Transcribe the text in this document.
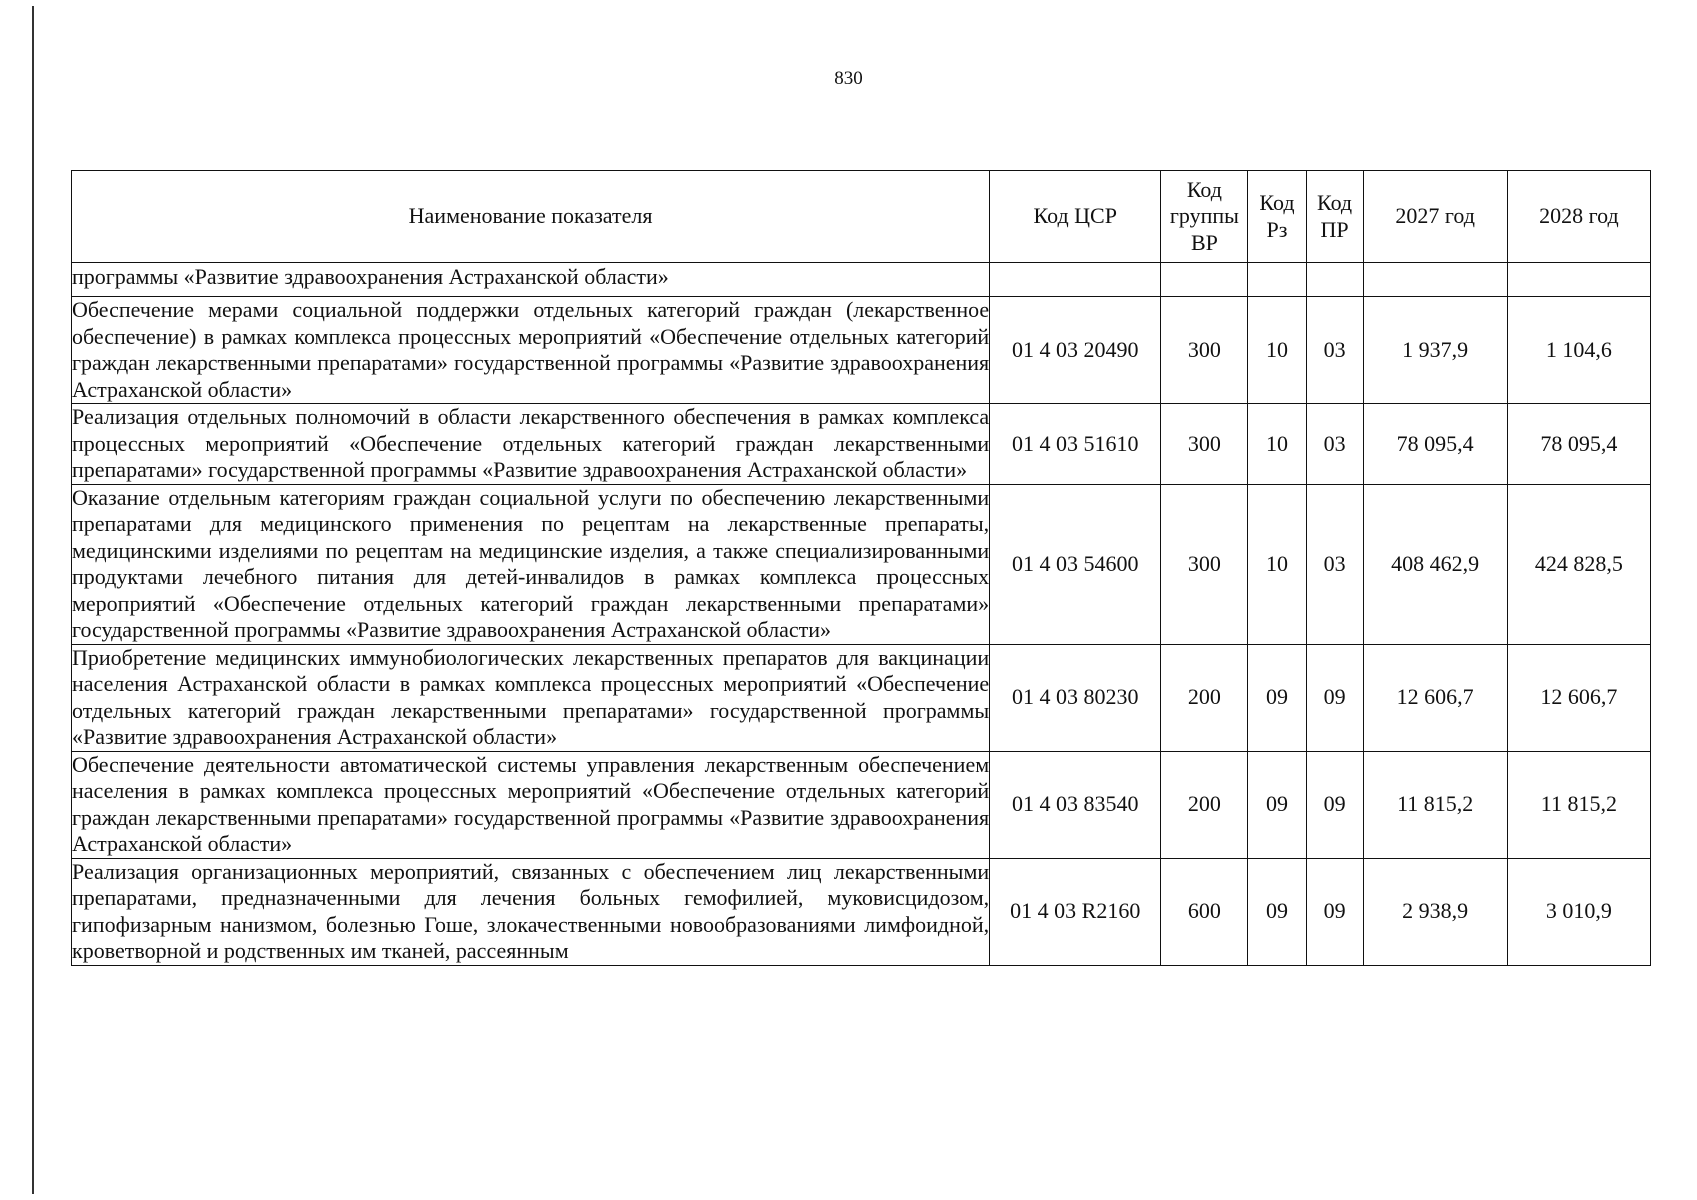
830
Наименование показателя	Код ЦСР	Код группы ВР	Код Рз	Код ПР	2027 год	2028 год
программы «Развитие здравоохранения Астраханской области»						
Обеспечение мерами социальной поддержки отдельных категорий граждан (лекарственное обеспечение) в рамках комплекса процессных мероприятий «Обеспечение отдельных категорий граждан лекарственными препаратами» государственной программы «Развитие здравоохранения Астраханской области»	01 4 03 20490	300	10	03	1 937,9	1 104,6
Реализация отдельных полномочий в области лекарственного обеспечения в рамках комплекса процессных мероприятий «Обеспечение отдельных категорий граждан лекарственными препаратами» государственной программы «Развитие здравоохранения Астраханской области»	01 4 03 51610	300	10	03	78 095,4	78 095,4
Оказание отдельным категориям граждан социальной услуги по обеспечению лекарственными препаратами для медицинского применения по рецептам на лекарственные препараты, медицинскими изделиями по рецептам на медицинские изделия, а также специализированными продуктами лечебного питания для детей-инвалидов в рамках комплекса процессных мероприятий «Обеспечение отдельных категорий граждан лекарственными препаратами» государственной программы «Развитие здравоохранения Астраханской области»	01 4 03 54600	300	10	03	408 462,9	424 828,5
Приобретение медицинских иммунобиологических лекарственных препаратов для вакцинации населения Астраханской области в рамках комплекса процессных мероприятий «Обеспечение отдельных категорий граждан лекарственными препаратами» государственной программы «Развитие здравоохранения Астраханской области»	01 4 03 80230	200	09	09	12 606,7	12 606,7
Обеспечение деятельности автоматической системы управления лекарственным обеспечением населения в рамках комплекса процессных мероприятий «Обеспечение отдельных категорий граждан лекарственными препаратами» государственной программы «Развитие здравоохранения Астраханской области»	01 4 03 83540	200	09	09	11 815,2	11 815,2
Реализация организационных мероприятий, связанных с обеспечением лиц лекарственными препаратами, предназначенными для лечения больных гемофилией, муковисцидозом, гипофизарным нанизмом, болезнью Гоше, злокачественными новообразованиями лимфоидной, кроветворной и родственных им тканей, рассеянным	01 4 03 R2160	600	09	09	2 938,9	3 010,9
